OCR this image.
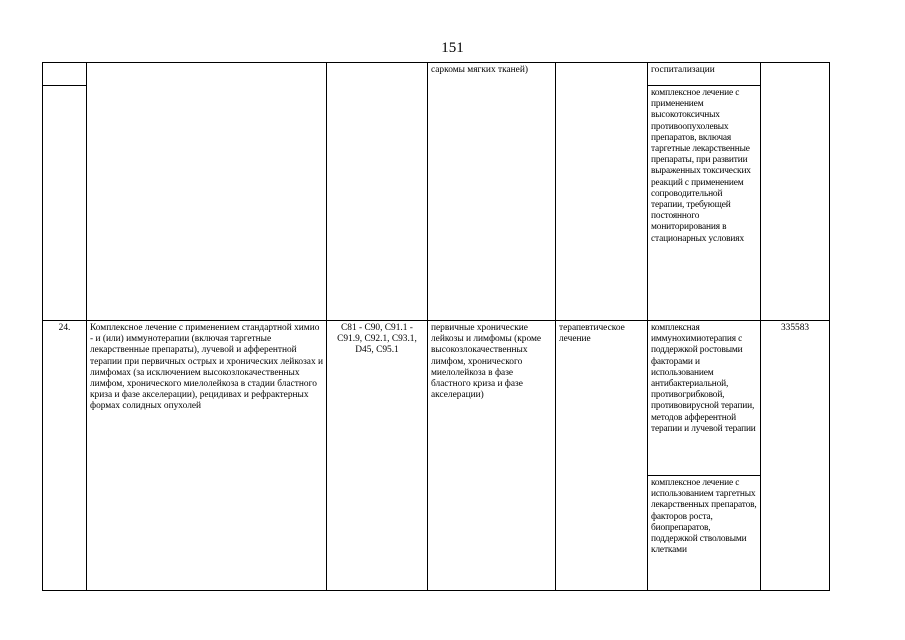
151
			саркомы мягких тканей)		госпитализации	
					комплексное лечение с применением высокотоксичных противоопухолевых препаратов, включая таргетные лекарственные препараты, при развитии выраженных токсических реакций с применением сопроводительной терапии, требующей постоянного мониторирования в стационарных условиях	
24.	Комплексное лечение с применением стандартной химио - и (или) иммунотерапии (включая таргетные лекарственные препараты), лучевой и афферентной терапии при первичных острых и хронических лейкозах и лимфомах (за исключением высокозлокачественных лимфом, хронического миелолейкоза в стадии бластного криза и фазе акселерации), рецидивах и рефрактерных формах солидных опухолей	C81 - C90, C91.1 - C91.9, C92.1, C93.1, D45, C95.1	первичные хронические лейкозы и лимфомы (кроме высокозлокачественных лимфом, хронического миелолейкоза в фазе бластного криза и фазе акселерации)	терапевтическое лечение	комплексная иммунохимиотерапия с поддержкой ростовыми факторами и использованием антибактериальной, противогрибковой, противовирусной терапии, методов афферентной терапии и лучевой терапии	335583
					комплексное лечение с использованием таргетных лекарственных препаратов, факторов роста, биопрепаратов, поддержкой стволовыми клетками	
